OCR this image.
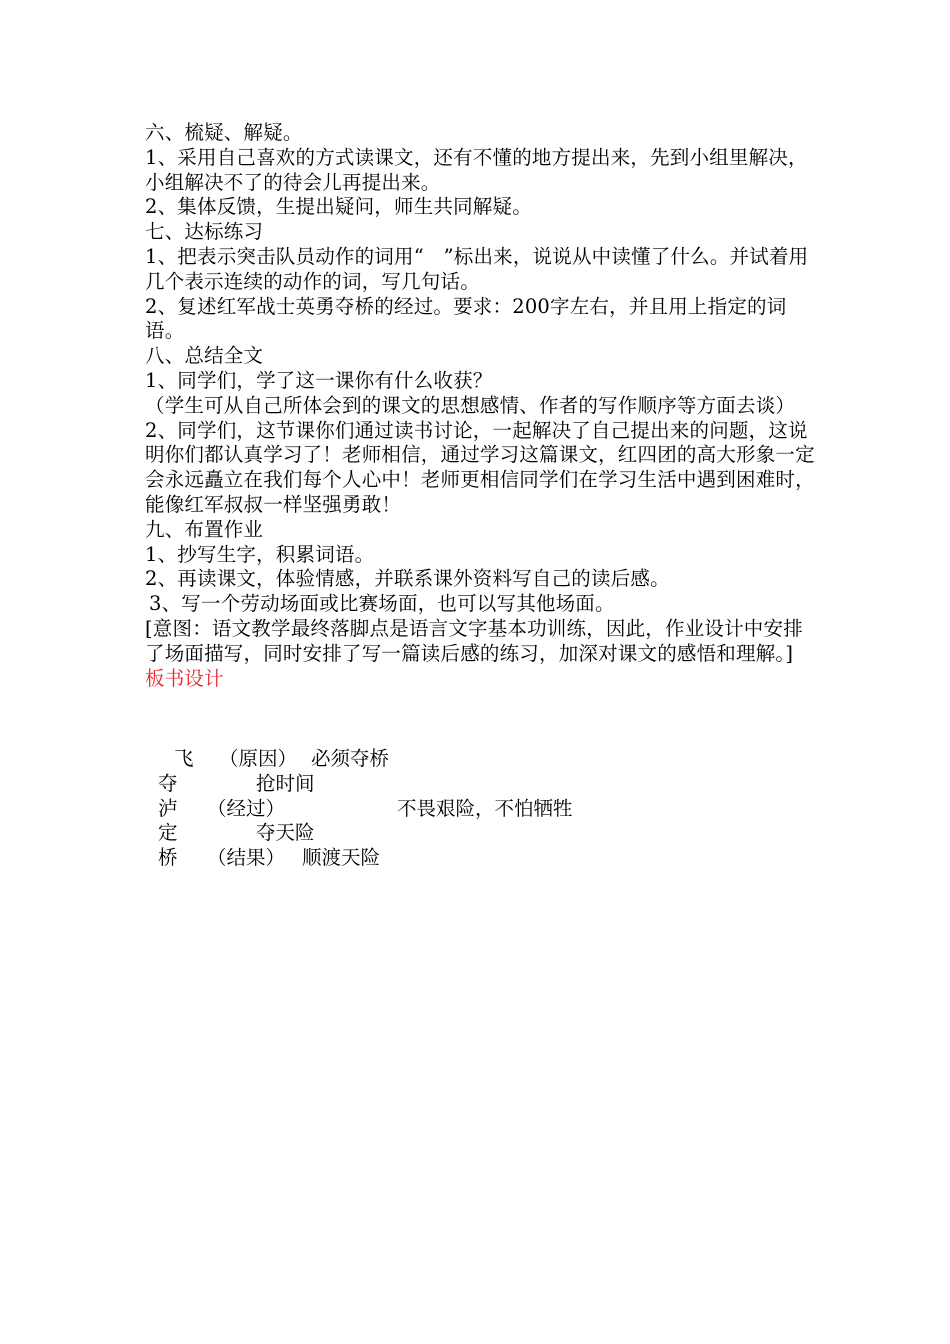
六、梳疑、解疑。

1、采用自己喜欢的方式读课文，还有不懂的地方提出来，先到小组里解决，小组解决不了的待会儿再提出来。

2、集体反馈，生提出疑问，师生共同解疑。

七、达标练习

1、把表示突击队员动作的词用“　”标出来，说说从中读懂了什么。并试着用几个表示连续的动作的词，写几句话。

2、复述红军战士英勇夺桥的经过。要求：200字左右，并且用上指定的词语。

八、总结全文

1、同学们，学了这一课你有什么收获？

（学生可从自己所体会到的课文的思想感情、作者的写作顺序等方面去谈）

2、同学们，这节课你们通过读书讨论，一起解决了自己提出来的问题，这说明你们都认真学习了！老师相信，通过学习这篇课文，红四团的高大形象一定会永远矗立在我们每个人心中！老师更相信同学们在学习生活中遇到困难时，能像红军叔叔一样坚强勇敢！

九、布置作业

1、抄写生字，积累词语。

2、再读课文，体验情感，并联系课外资料写自己的读后感。

3、写一个劳动场面或比赛场面，也可以写其他场面。

[意图：语文教学最终落脚点是语言文字基本功训练，因此，作业设计中安排了场面描写，同时安排了写一篇读后感的练习，加深对课文的感悟和理解。]

板书设计

飞 （原因） 必须夺桥
夺	抢时间
泸 （经过）	不畏艰险，不怕牺牲
定	夺天险
桥 （结果） 顺渡天险
